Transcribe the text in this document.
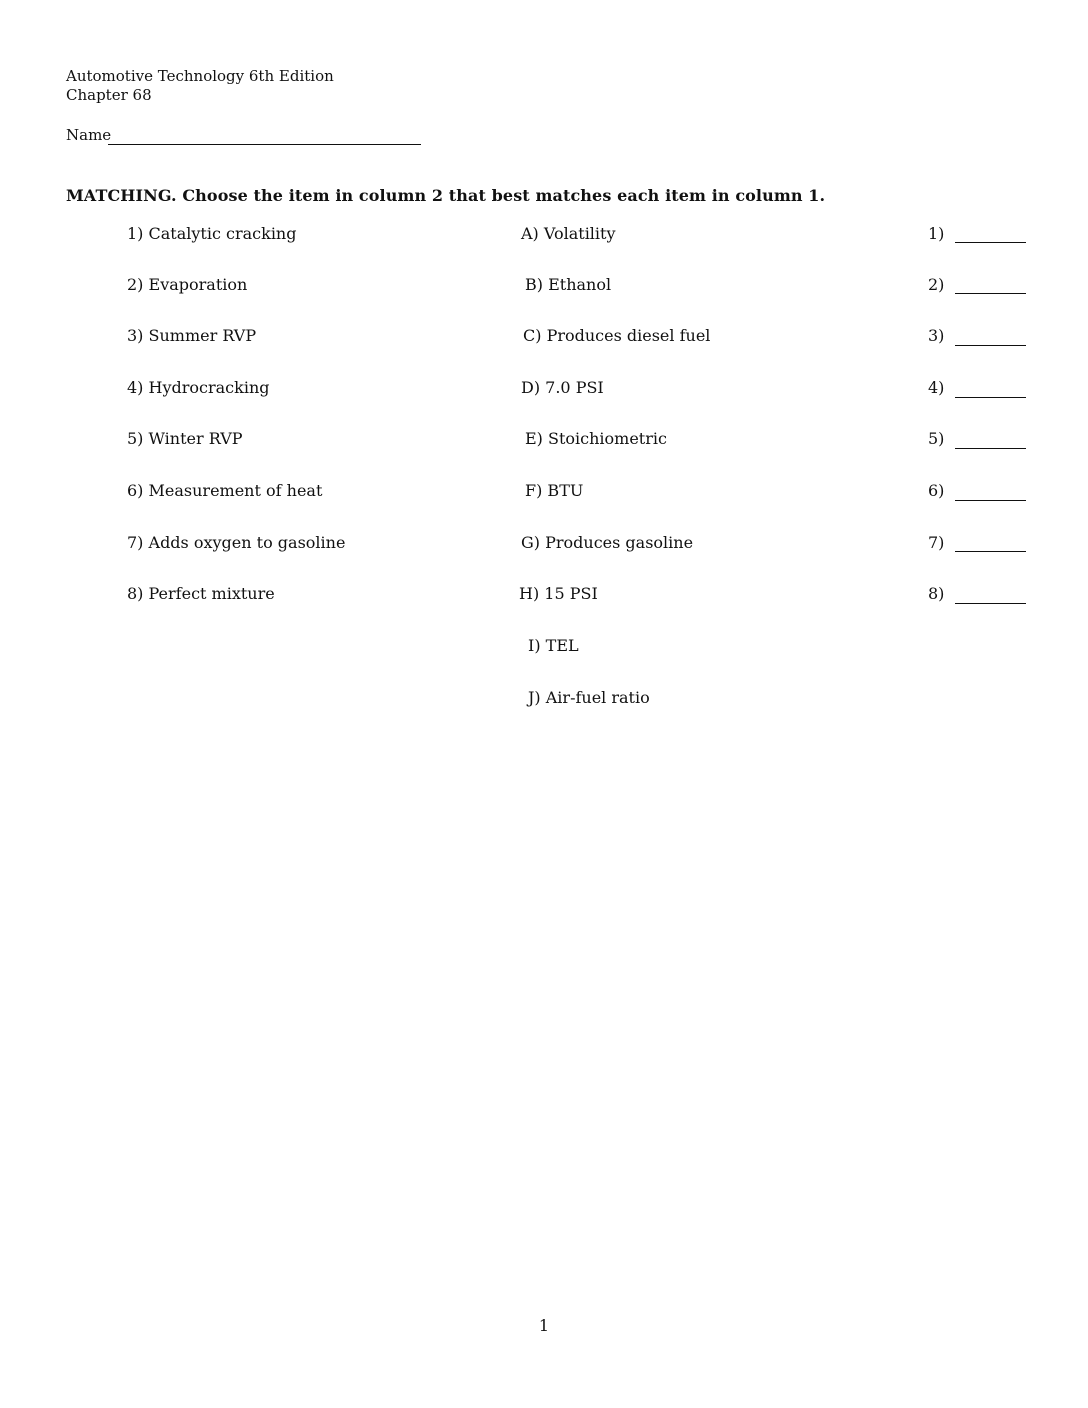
Automotive Technology 6th Edition
Chapter 68
Name
MATCHING. Choose the item in column 2 that best matches each item in column 1.
1) Catalytic cracking
2) Evaporation
3) Summer RVP
4) Hydrocracking
5) Winter RVP
6) Measurement of heat
7) Adds oxygen to gasoline
8) Perfect mixture
A) Volatility
B) Ethanol
C) Produces diesel fuel
D) 7.0 PSI
E) Stoichiometric
F) BTU
G) Produces gasoline
H) 15 PSI
I) TEL
J) Air-fuel ratio
1)
2)
3)
4)
5)
6)
7)
8)
1
